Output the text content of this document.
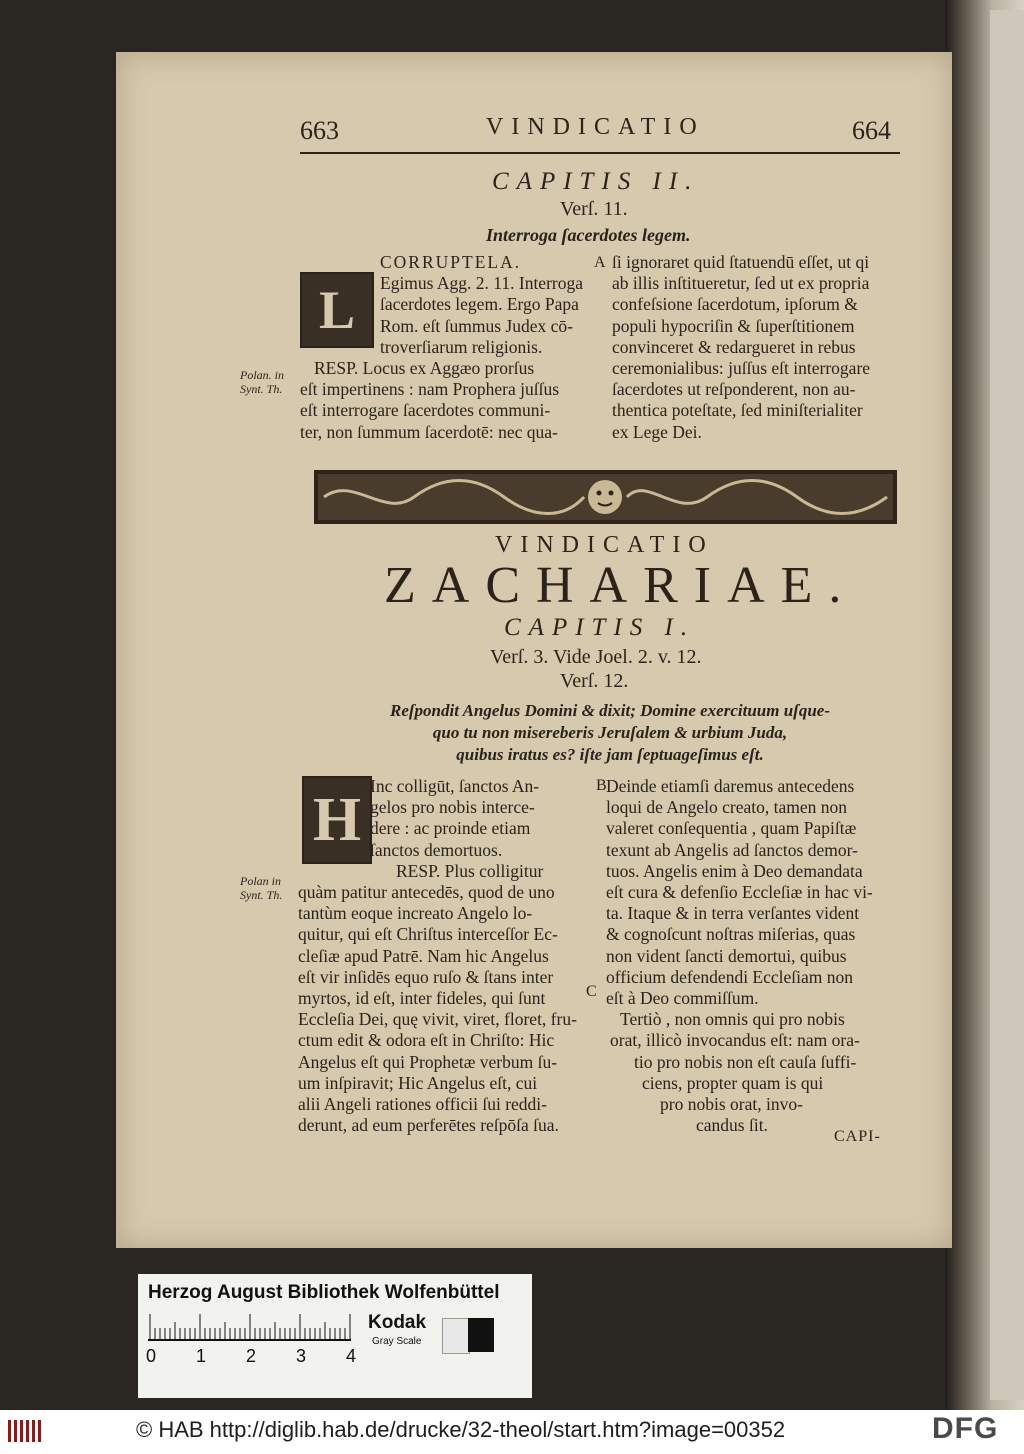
663	VINDICATIO	664
CAPITIS II.
Verſ. 11.
Interroga ſacerdotes legem.
L
Polan. in
Synt. Th.

CORRUPTELA.

Egimus Agg. 2. 11. Interroga

ſacerdotes legem. Ergo Papa

Rom. eſt ſummus Judex cō-

troverſiarum religionis.

RESP. Locus ex Aggæo prorſus

eſt impertinens : nam Prophera juſſus

eſt interrogare ſacerdotes communi-

ter, non ſummum ſacerdotē: nec qua-

A ſi ignoraret quid ſtatuendū eſſet, ut qi

ab illis inſtitueretur, ſed ut ex propria

confeſsione ſacerdotum, ipſorum &

populi hypocriſin & ſuperſtitionem

convinceret & redargueret in rebus

ceremonialibus: juſſus eſt interrogare

ſacerdotes ut reſponderent, non au-

thentica poteſtate, ſed miniſterialiter

ex Lege Dei.

VINDICATIO
ZACHARIAE.
CAPITIS I.
Verſ. 3. Vide Joel. 2. v. 12.
Verſ. 12.
Reſpondit Angelus Domini & dixit; Domine exercituum uſque-
quo tu non misereberis Jeruſalem & urbium Juda,
quibus iratus es? iſte jam ſeptuageſimus eſt.
H
Polan in
Synt. Th.

Inc colligūt, ſanctos An-

gelos pro nobis interce-

dere : ac proinde etiam

ſanctos demortuos.

RESP. Plus colligitur

quàm patitur antecedēs, quod de uno

tantùm eoque increato Angelo lo-

quitur, qui eſt Chriſtus interceſſor Ec-

cleſiæ apud Patrē. Nam hic Angelus

eſt vir inſidēs equo ruſo & ſtans inter

myrtos, id eſt, inter fideles, qui ſunt

Eccleſia Dei, quę vivit, viret, floret, fru-

ctum edit & odora eſt in Chriſto: Hic

Angelus eſt qui Prophetæ verbum ſu-

um inſpiravit; Hic Angelus eſt, cui

alii Angeli rationes officii ſui reddi-

derunt, ad eum perferētes reſpōſa ſua.

B
C

Deinde etiamſi daremus antecedens

loqui de Angelo creato, tamen non

valeret conſequentia , quam Papiſtæ

texunt ab Angelis ad ſanctos demor-

tuos. Angelis enim à Deo demandata

eſt cura & defenſio Eccleſiæ in hac vi-

ta. Itaque & in terra verſantes vident

& cognoſcunt noſtras miſerias, quas

non vident ſancti demortui, quibus

officium defendendi Eccleſiam non

eſt à Deo commiſſum.

Tertiò , non omnis qui pro nobis

orat, illicò invocandus eſt: nam ora-

tio pro nobis non eſt cauſa ſuffi-

ciens, propter quam is qui

pro nobis orat, invo-

candus ſit.

CAPI-
Herzog August Bibliothek Wolfenbüttel
0 1 2 3 4
Kodak
Gray Scale
© HAB http://diglib.hab.de/drucke/32-theol/start.htm?image=00352	DFG
